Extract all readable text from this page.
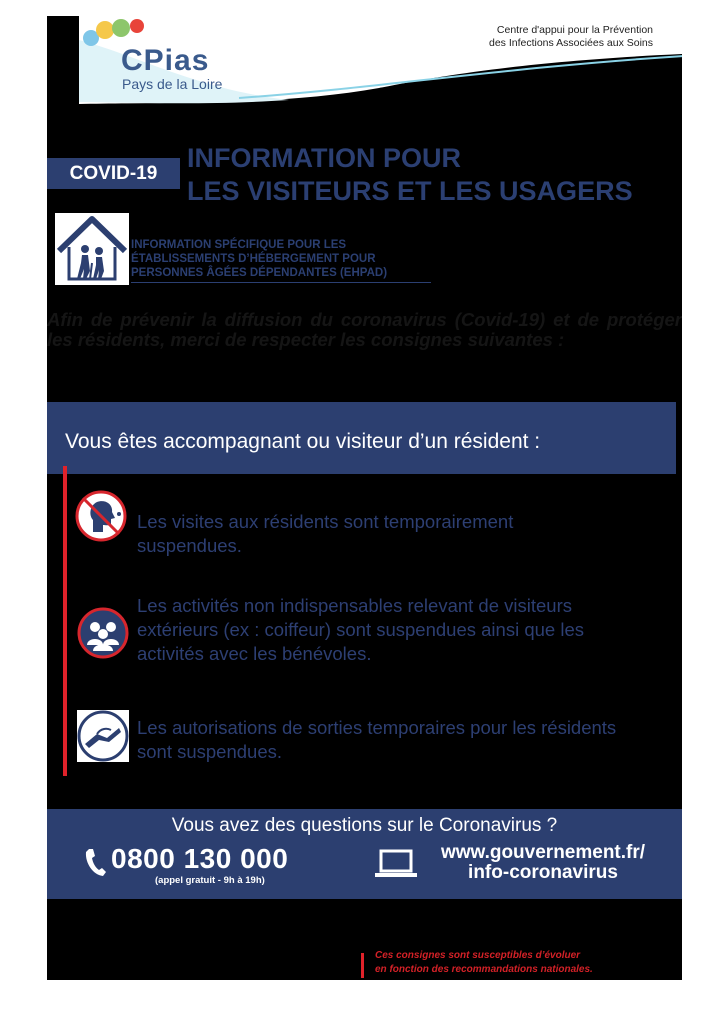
CPias
Pays de la Loire
Centre d'appui pour la Prévention
des Infections Associées aux Soins
COVID-19
INFORMATION POUR
LES VISITEURS ET LES USAGERS
INFORMATION SPÉCIFIQUE POUR LES
ÉTABLISSEMENTS D’HÉBERGEMENT POUR
PERSONNES ÂGÉES DÉPENDANTES (EHPAD)
Afin de prévenir la diffusion du coronavirus (Covid-19) et de protéger les résidents, merci de respecter les consignes suivantes :
Vous êtes accompagnant ou visiteur d’un résident :
Les visites aux résidents sont temporairement suspendues.
Les activités non indispensables relevant de visiteurs extérieurs (ex : coiffeur) sont suspendues ainsi que les activités avec les bénévoles.
Les autorisations de sorties temporaires pour les résidents sont suspendues.
Vous avez des questions sur le Coronavirus ?
0800 130 000
(appel gratuit - 9h à 19h)
www.gouvernement.fr/
info-coronavirus
Ces consignes sont susceptibles d’évoluer
en fonction des recommandations nationales.
